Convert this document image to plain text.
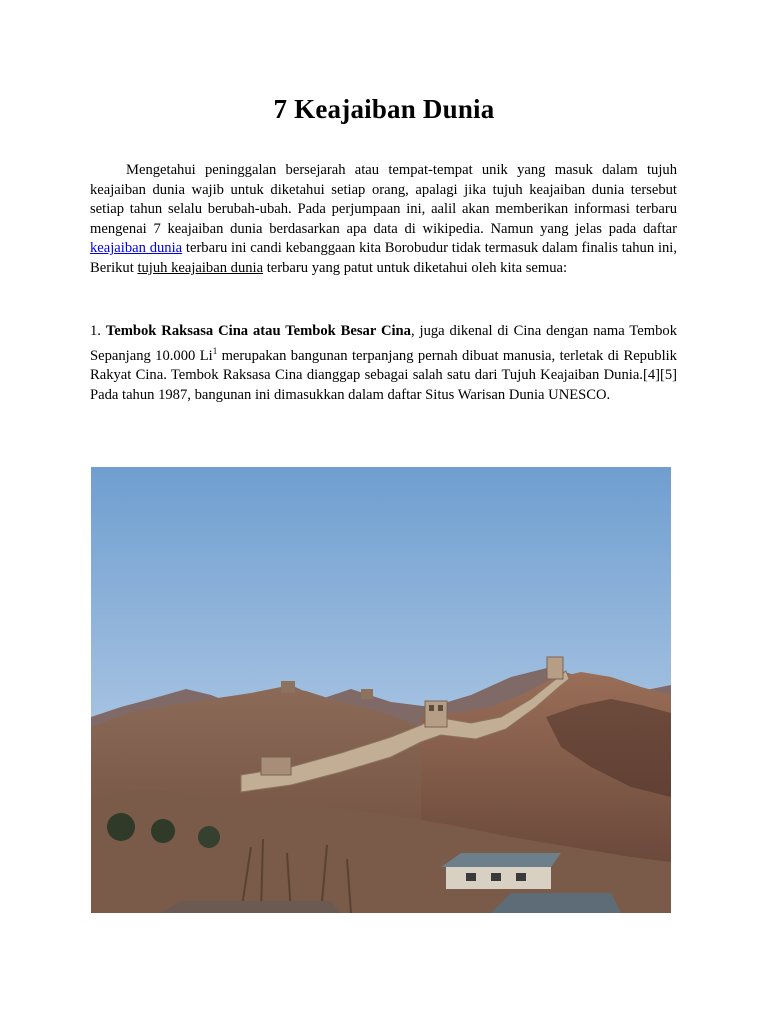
7 Keajaiban Dunia

Mengetahui peninggalan bersejarah atau tempat-tempat unik yang masuk dalam tujuh keajaiban dunia wajib untuk diketahui setiap orang, apalagi jika tujuh keajaiban dunia tersebut setiap tahun selalu berubah-ubah. Pada perjumpaan ini, aalil akan memberikan informasi terbaru mengenai 7 keajaiban dunia berdasarkan apa data di wikipedia. Namun yang jelas pada daftar keajaiban dunia terbaru ini candi kebanggaan kita Borobudur tidak termasuk dalam finalis tahun ini, Berikut tujuh keajaiban dunia terbaru yang patut untuk diketahui oleh kita semua:

1. Tembok Raksasa Cina atau Tembok Besar Cina, juga dikenal di Cina dengan nama Tembok Sepanjang 10.000 Li$^1$ merupakan bangunan terpanjang pernah dibuat manusia, terletak di Republik Rakyat Cina. Tembok Raksasa Cina dianggap sebagai salah satu dari Tujuh Keajaiban Dunia.[4][5] Pada tahun 1987, bangunan ini dimasukkan dalam daftar Situs Warisan Dunia UNESCO.
